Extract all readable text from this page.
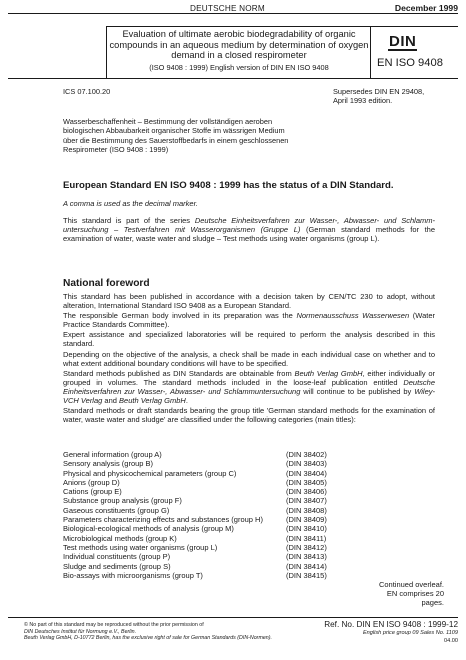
DEUTSCHE NORM	December 1999
Evaluation of ultimate aerobic biodegradability of organic compounds in an aqueous medium by determination of oxygen demand in a closed respirometer
(ISO 9408 : 1999) English version of DIN EN ISO 9408
DIN
EN ISO 9408
ICS 07.100.20	Supersedes DIN EN 29408,
April 1993 edition.
Wasserbeschaffenheit – Bestimmung der vollständigen aeroben
biologischen Abbaubarkeit organischer Stoffe im wässrigen Medium
über die Bestimmung des Sauerstoffbedarfs in einem geschlossenen
Respirometer (ISO 9408 : 1999)
European Standard EN ISO 9408 : 1999 has the status of a DIN Standard.
A comma is used as the decimal marker.
This standard is part of the series Deutsche Einheitsverfahren zur Wasser-, Abwasser- und Schlamm-untersuchung – Testverfahren mit Wasserorganismen (Gruppe L) (German standard methods for the examination of water, waste water and sludge – Test methods using water organisms (group L).
National foreword
This standard has been published in accordance with a decision taken by CEN/TC 230 to adopt, without alteration, International Standard ISO 9408 as a European Standard.
The responsible German body involved in its preparation was the Normenausschuss Wasserwesen (Water Practice Standards Committee).
Expert assistance and specialized laboratories will be required to perform the analysis described in this standard.
Depending on the objective of the analysis, a check shall be made in each individual case on whether and to what extent additional boundary conditions will have to be specified.
Standard methods published as DIN Standards are obtainable from Beuth Verlag GmbH, either individually or grouped in volumes. The standard methods included in the loose-leaf publication entitled Deutsche Einheitsverfahren zur Wasser-, Abwasser- und Schlammuntersuchung will continue to be published by Wiley-VCH Verlag and Beuth Verlag GmbH.
Standard methods or draft standards bearing the group title 'German standard methods for the examination of water, waste water and sludge' are classified under the following categories (main titles):
General information (group A)	(DIN 38402)
Sensory analysis (group B)	(DIN 38403)
Physical and physicochemical parameters (group C)	(DIN 38404)
Anions (group D)	(DIN 38405)
Cations (group E)	(DIN 38406)
Substance group analysis (group F)	(DIN 38407)
Gaseous constituents (group G)	(DIN 38408)
Parameters characterizing effects and substances (group H)	(DIN 38409)
Biological-ecological methods of analysis (group M)	(DIN 38410)
Microbiological methods (group K)	(DIN 38411)
Test methods using water organisms (group L)	(DIN 38412)
Individual constituents (group P)	(DIN 38413)
Sludge and sediments (group S)	(DIN 38414)
Bio-assays with microorganisms (group T)	(DIN 38415)
Continued overleaf.
EN comprises 20 pages.
© No part of this standard may be reproduced without the prior permission of
DIN Deutsches Institut für Normung e.V., Berlin.
Beuth Verlag GmbH, D-10772 Berlin, has the exclusive right of sale for German Standards (DIN-Normen).
Ref. No. DIN EN ISO 9408 : 1999-12
English price group 09 Sales No. 1109
04.00
